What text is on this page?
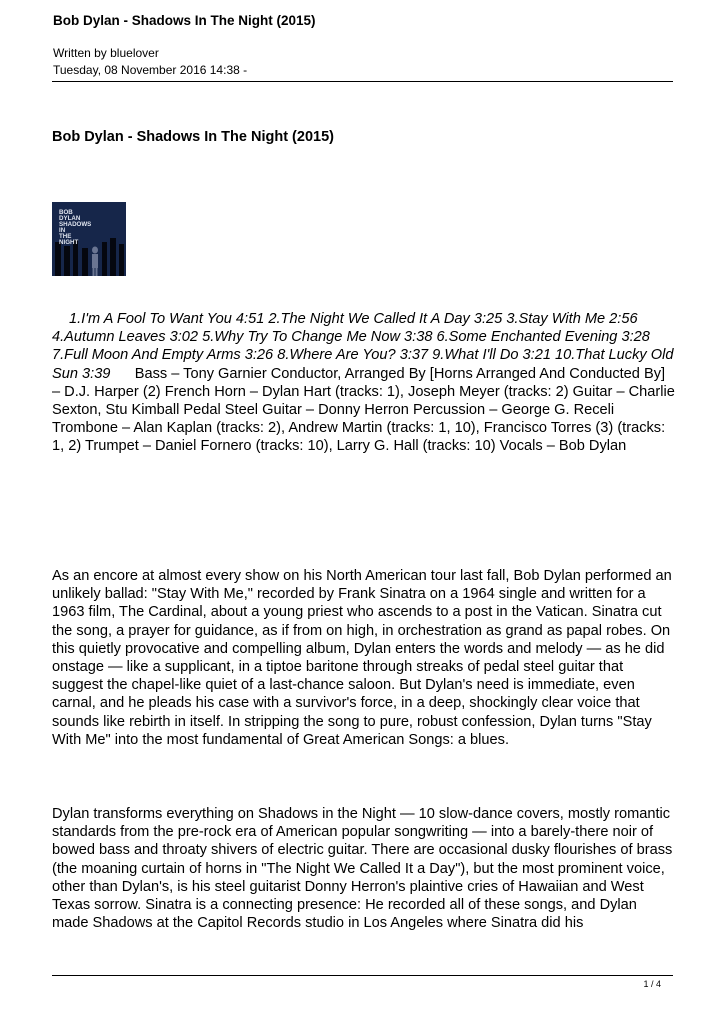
Bob Dylan - Shadows In The Night (2015)
Written by bluelover
Tuesday, 08 November 2016 14:38 -
Bob Dylan - Shadows In The Night (2015)
BOB
DYLAN
SHADOWS
IN
THE
NIGHT

1.I'm A Fool To Want You 4:51 2.The Night We Called It A Day 3:25 3.Stay With Me 2:56 4.Autumn Leaves 3:02 5.Why Try To Change Me Now 3:38 6.Some Enchanted Evening 3:28 7.Full Moon And Empty Arms 3:26 8.Where Are You? 3:37 9.What I'll Do 3:21 10.That Lucky Old Sun 3:39 Bass – Tony Garnier Conductor, Arranged By [Horns Arranged And Conducted By] – D.J. Harper (2) French Horn – Dylan Hart (tracks: 1), Joseph Meyer (tracks: 2) Guitar – Charlie Sexton, Stu Kimball Pedal Steel Guitar – Donny Herron Percussion – George G. Receli Trombone – Alan Kaplan (tracks: 2), Andrew Martin (tracks: 1, 10), Francisco Torres (3) (tracks: 1, 2) Trumpet – Daniel Fornero (tracks: 10), Larry G. Hall (tracks: 10) Vocals – Bob Dylan

As an encore at almost every show on his North American tour last fall, Bob Dylan performed an unlikely ballad: "Stay With Me," recorded by Frank Sinatra on a 1964 single and written for a 1963 film, The Cardinal, about a young priest who ascends to a post in the Vatican. Sinatra cut the song, a prayer for guidance, as if from on high, in orchestration as grand as papal robes. On this quietly provocative and compelling album, Dylan enters the words and melody — as he did onstage — like a supplicant, in a tiptoe baritone through streaks of pedal steel guitar that suggest the chapel-like quiet of a last-chance saloon. But Dylan's need is immediate, even carnal, and he pleads his case with a survivor's force, in a deep, shockingly clear voice that sounds like rebirth in itself. In stripping the song to pure, robust confession, Dylan turns "Stay With Me" into the most fundamental of Great American Songs: a blues.

Dylan transforms everything on Shadows in the Night — 10 slow-dance covers, mostly romantic standards from the pre-rock era of American popular songwriting — into a barely-there noir of bowed bass and throaty shivers of electric guitar. There are occasional dusky flourishes of brass (the moaning curtain of horns in "The Night We Called It a Day"), but the most prominent voice, other than Dylan's, is his steel guitarist Donny Herron's plaintive cries of Hawaiian and West Texas sorrow. Sinatra is a connecting presence: He recorded all of these songs, and Dylan made Shadows at the Capitol Records studio in Los Angeles where Sinatra did his

1 / 4
